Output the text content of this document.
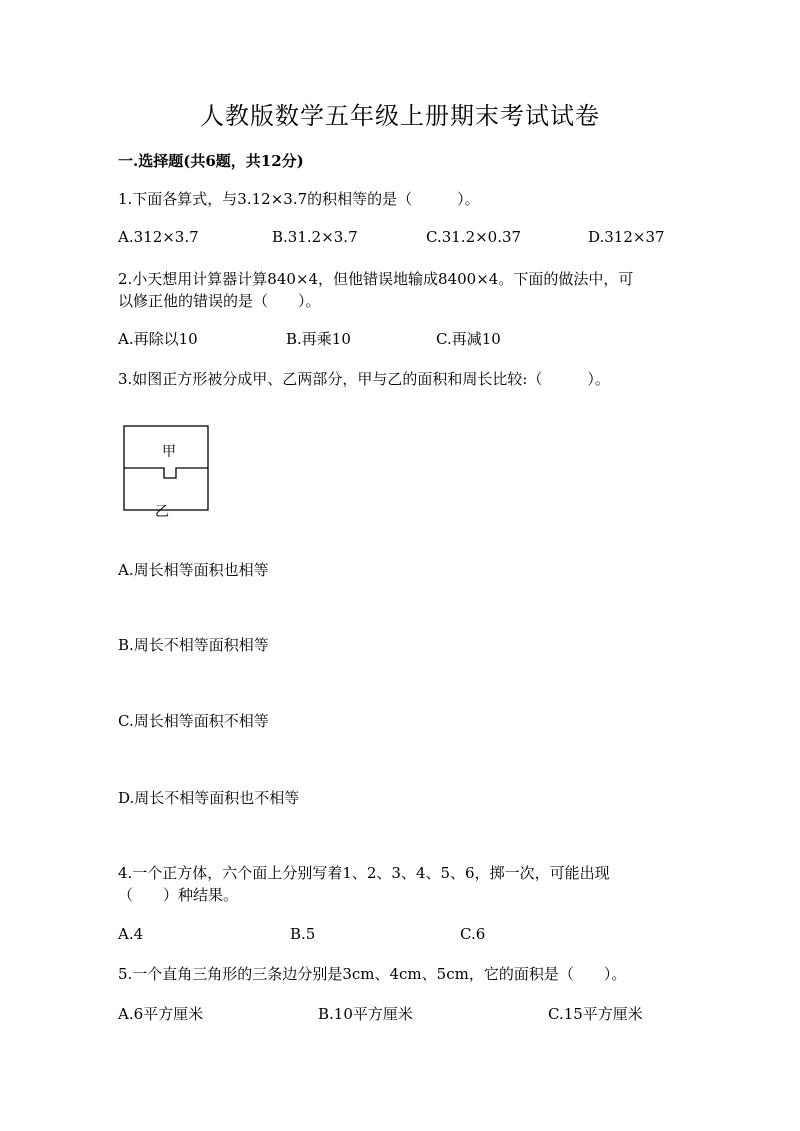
人教版数学五年级上册期末考试试卷
一.选择题(共6题，共12分)
1.下面各算式，与3.12×3.7的积相等的是（　　　）。
A.312×3.7	B.31.2×3.7	C.31.2×0.37	D.312×37
2.小天想用计算器计算840×4，但他错误地输成8400×4。下面的做法中，可
以修正他的错误的是（　　）。
A.再除以10	B.再乘10	C.再减10
3.如图正方形被分成甲、乙两部分，甲与乙的面积和周长比较:（　　　）。
甲
乙
A.周长相等面积也相等
B.周长不相等面积相等
C.周长相等面积不相等
D.周长不相等面积也不相等
4.一个正方体，六个面上分别写着1、2、3、4、5、6，掷一次，可能出现
（　　）种结果。
A.4	B.5	C.6
5.一个直角三角形的三条边分别是3cm、4cm、5cm，它的面积是（　　）。
A.6平方厘米	B.10平方厘米	C.15平方厘米
